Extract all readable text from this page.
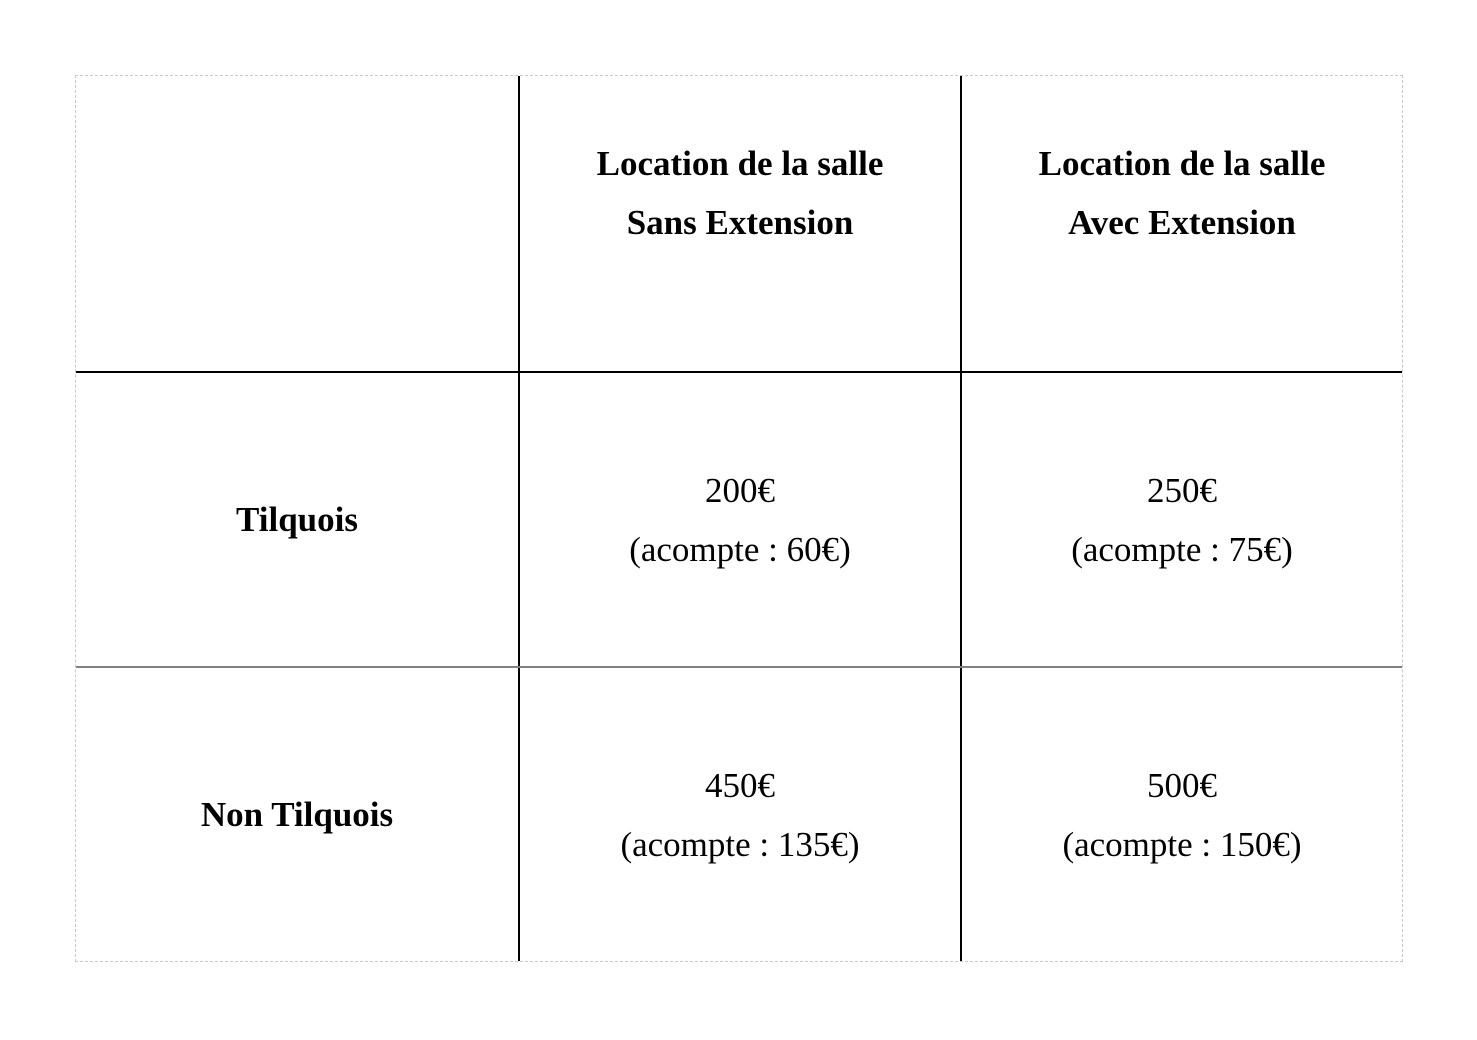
Location de la salle
Sans Extension
Location de la salle
Avec Extension
Tilquois
200€
(acompte : 60€)
250€
(acompte : 75€)
Non Tilquois
450€
(acompte : 135€)
500€
(acompte : 150€)
